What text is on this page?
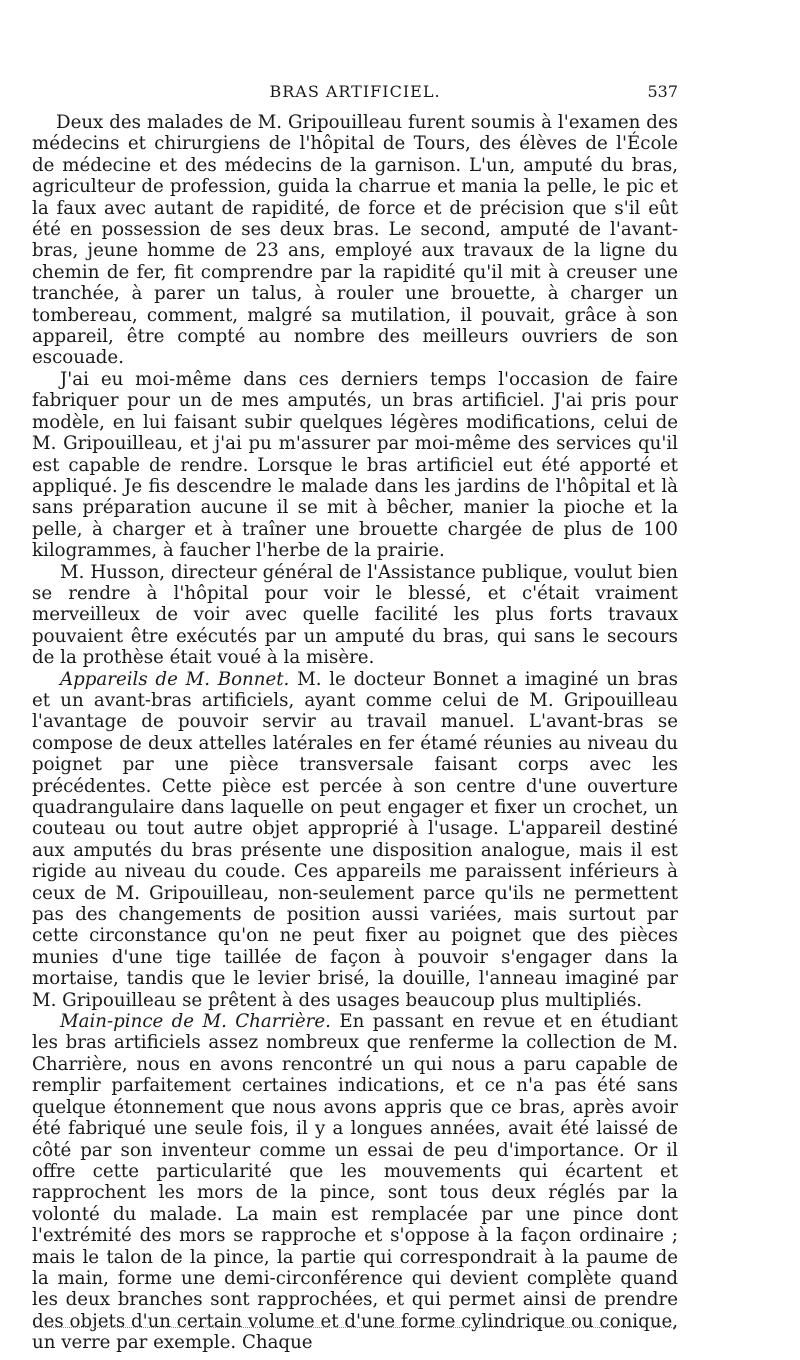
BRAS ARTIFICIEL.	537

Deux des malades de M. Gripouilleau furent soumis à l'examen des médecins et chirurgiens de l'hôpital de Tours, des élèves de l'École de médecine et des médecins de la garnison. L'un, amputé du bras, agriculteur de profession, guida la charrue et mania la pelle, le pic et la faux avec autant de rapidité, de force et de précision que s'il eût été en possession de ses deux bras. Le second, amputé de l'avant-bras, jeune homme de 23 ans, employé aux travaux de la ligne du chemin de fer, fit comprendre par la rapidité qu'il mit à creuser une tranchée, à parer un talus, à rouler une brouette, à charger un tombereau, comment, malgré sa mutilation, il pouvait, grâce à son appareil, être compté au nombre des meilleurs ouvriers de son escouade.

J'ai eu moi-même dans ces derniers temps l'occasion de faire fabriquer pour un de mes amputés, un bras artificiel. J'ai pris pour modèle, en lui faisant subir quelques légères modifications, celui de M. Gripouilleau, et j'ai pu m'assurer par moi-même des services qu'il est capable de rendre. Lorsque le bras artificiel eut été apporté et appliqué. Je fis descendre le malade dans les jardins de l'hôpital et là sans préparation aucune il se mit à bêcher, manier la pioche et la pelle, à charger et à traîner une brouette chargée de plus de 100 kilogrammes, à faucher l'herbe de la prairie.

M. Husson, directeur général de l'Assistance publique, voulut bien se rendre à l'hôpital pour voir le blessé, et c'était vraiment merveilleux de voir avec quelle facilité les plus forts travaux pouvaient être exécutés par un amputé du bras, qui sans le secours de la prothèse était voué à la misère.

Appareils de M. Bonnet. M. le docteur Bonnet a imaginé un bras et un avant-bras artificiels, ayant comme celui de M. Gripouilleau l'avantage de pouvoir servir au travail manuel. L'avant-bras se compose de deux attelles latérales en fer étamé réunies au niveau du poignet par une pièce transversale faisant corps avec les précédentes. Cette pièce est percée à son centre d'une ouverture quadrangulaire dans laquelle on peut engager et fixer un crochet, un couteau ou tout autre objet approprié à l'usage. L'appareil destiné aux amputés du bras présente une disposition analogue, mais il est rigide au niveau du coude. Ces appareils me paraissent inférieurs à ceux de M. Gripouilleau, non-seulement parce qu'ils ne permettent pas des changements de position aussi variées, mais surtout par cette circonstance qu'on ne peut fixer au poignet que des pièces munies d'une tige taillée de façon à pouvoir s'engager dans la mortaise, tandis que le levier brisé, la douille, l'anneau imaginé par M. Gripouilleau se prêtent à des usages beaucoup plus multipliés.

Main-pince de M. Charrière. En passant en revue et en étudiant les bras artificiels assez nombreux que renferme la collection de M. Charrière, nous en avons rencontré un qui nous a paru capable de remplir parfaitement certaines indications, et ce n'a pas été sans quelque étonnement que nous avons appris que ce bras, après avoir été fabriqué une seule fois, il y a longues années, avait été laissé de côté par son inventeur comme un essai de peu d'importance. Or il offre cette particularité que les mouvements qui écartent et rapprochent les mors de la pince, sont tous deux réglés par la volonté du malade. La main est remplacée par une pince dont l'extrémité des mors se rapproche et s'oppose à la façon ordinaire ; mais le talon de la pince, la partie qui correspondrait à la paume de la main, forme une demi-circonférence qui devient complète quand les deux branches sont rapprochées, et qui permet ainsi de prendre des objets d'un certain volume et d'une forme cylindrique ou conique, un verre par exemple. Chaque
